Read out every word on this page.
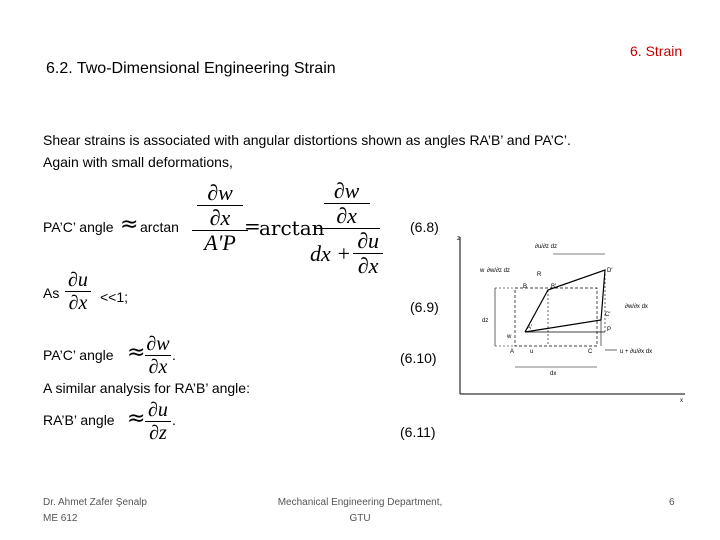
6.2. Two-Dimensional Engineering Strain
6. Strain
Shear strains is associated with angular distortions shown as angles RA’B’ and PA’C’.
Again with small deformations,
PA’C’ angle ≈ $\arctan \frac{\frac{\partial w}{\partial x}}{A'P}$
=
arctan
$\frac{\frac{\partial w}{\partial x}}{dx + \frac{\partial u}{\partial x}} (6.8)$
As $\frac{\partial u}{\partial x} <<1$;
(6.9)
PA’C’ angle ≈ $\frac{\partial w}{\partial x}$ .	(6.10)
A similar analysis for RA’B’ angle:
RA’B’ angle ≈ $\frac{\partial u}{\partial z}$ .
(6.11)
z
x
w ∂w/∂z dz
R
D′
B	B′
dz
C′
∂w/∂x dx
A′	P
w
A	u	C	u + ∂u/∂x dx
dx
∂u/∂z dz
Dr. Ahmet Zafer Şenalp
ME 612
Mechanical Engineering Department,
GTU
6
